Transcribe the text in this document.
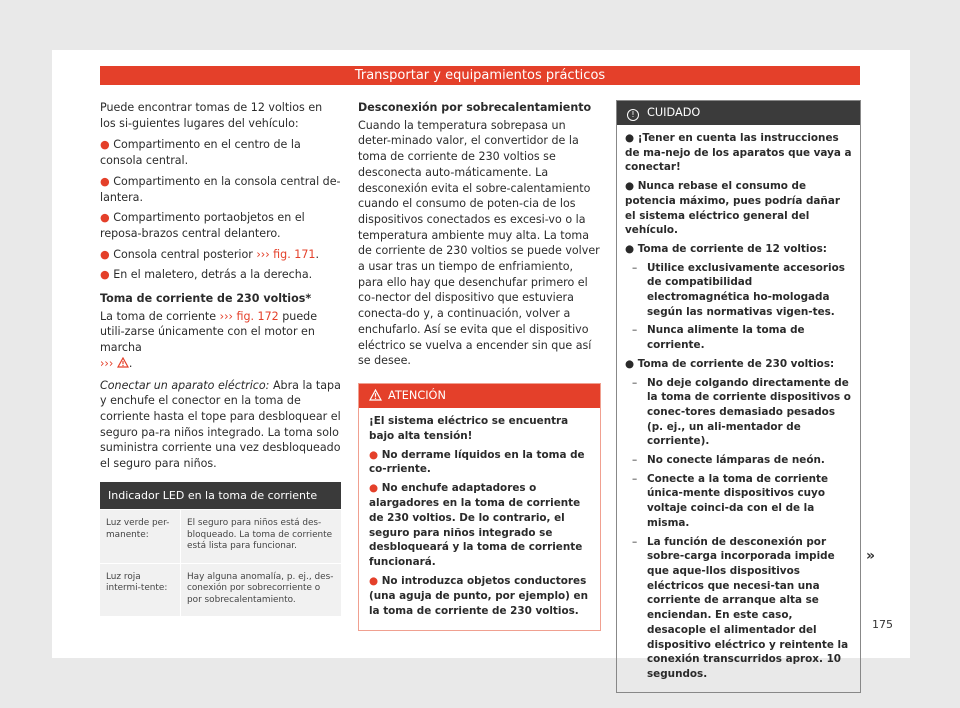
Transportar y equipamientos prácticos

Puede encontrar tomas de 12 voltios en los si-guientes lugares del vehículo:

● Compartimento en el centro de la consola central.
● Compartimento en la consola central de-lantera.
● Compartimento portaobjetos en el reposa-brazos central delantero.
● Consola central posterior ››› fig. 171.
● En el maletero, detrás a la derecha.
Toma de corriente de 230 voltios*

La toma de corriente ››› fig. 172 puede utili-zarse únicamente con el motor en marcha
››› .

Conectar un aparato eléctrico: Abra la tapa y enchufe el conector en la toma de corriente hasta el tope para desbloquear el seguro pa-ra niños integrado. La toma solo suministra corriente una vez desbloqueado el seguro para niños.

Indicador LED en la toma de corriente	
Luz verde per-manente:	El seguro para niños está des-bloqueado. La toma de corriente está lista para funcionar.
Luz roja intermi-tente:	Hay alguna anomalía, p. ej., des-conexión por sobrecorriente o por sobrecalentamiento.
Desconexión por sobrecalentamiento

Cuando la temperatura sobrepasa un deter-minado valor, el convertidor de la toma de corriente de 230 voltios se desconecta auto-máticamente. La desconexión evita el sobre-calentamiento cuando el consumo de poten-cia de los dispositivos conectados es excesi-vo o la temperatura ambiente muy alta. La toma de corriente de 230 voltios se puede volver a usar tras un tiempo de enfriamiento, para ello hay que desenchufar primero el co-nector del dispositivo que estuviera conecta-do y, a continuación, volver a enchufarlo. Así se evita que el dispositivo eléctrico se vuelva a encender sin que así se desee.

ATENCIÓN

¡El sistema eléctrico se encuentra bajo alta tensión!

● No derrame líquidos en la toma de co-rriente.

● No enchufe adaptadores o alargadores en la toma de corriente de 230 voltios. De lo contrario, el seguro para niños integrado se desbloqueará y la toma de corriente funcionará.

● No introduzca objetos conductores (una aguja de punto, por ejemplo) en la toma de corriente de 230 voltios.

! CUIDADO
● ¡Tener en cuenta las instrucciones de ma-nejo de los aparatos que vaya a conectar!
● Nunca rebase el consumo de potencia máximo, pues podría dañar el sistema eléctrico general del vehículo.
● Toma de corriente de 12 voltios:
– Utilice exclusivamente accesorios de compatibilidad electromagnética ho-mologada según las normativas vigen-tes.
– Nunca alimente la toma de corriente.
● Toma de corriente de 230 voltios:
– No deje colgando directamente de la toma de corriente dispositivos o conec-tores demasiado pesados (p. ej., un ali-mentador de corriente).
– No conecte lámparas de neón.
– Conecte a la toma de corriente única-mente dispositivos cuyo voltaje coinci-da con el de la misma.
– La función de desconexión por sobre-carga incorporada impide que aque-llos dispositivos eléctricos que necesi-tan una corriente de arranque alta se enciendan. En este caso, desacople el alimentador del dispositivo eléctrico y reintente la conexión transcurridos aprox. 10 segundos.
»
175
